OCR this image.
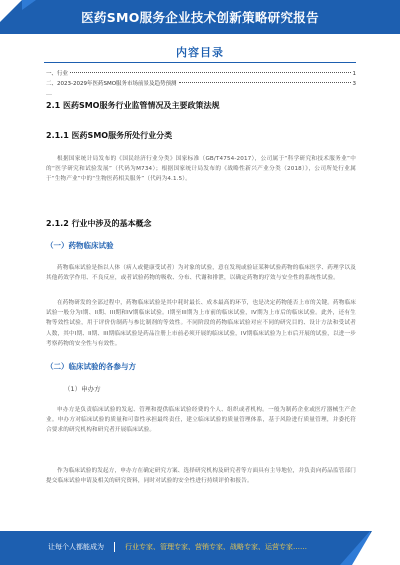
医药SMO服务企业技术创新策略研究报告
内容目录
一、行业	1
二、2023-2029年医药SMO服务市场前景及趋势预测	3
…
2.1 医药SMO服务行业监管情况及主要政策法规
2.1.1 医药SMO服务所处行业分类
根据国家统计局发布的《国民经济行业分类》国家标准（GB/T4754-2017），公司属于“科学研究和技术服务业”中的“医学研究和试验发展”（代码为M734）；根据国家统计局发布的《战略性新兴产业分类（2018）》，公司所处行业属于“生物产业”中的“生物医药相关服务”（代码为4.1.5）。
2.1.2 行业中涉及的基本概念
（一）药物临床试验
药物临床试验是指以人体（病人或健康受试者）为对象的试验，意在发现或验证某种试验药物的临床医学、药理学以及其他药效学作用、不良反应，或者试验药物的吸收、分布、代谢和排泄，以确定药物的疗效与安全性的系统性试验。
在药物研发的全部过程中，药物临床试验是其中耗时最长、成本最高的环节，也是决定药物能否上市的关键。药物临床试验一般分为I期、II期、III期和IV期临床试验。I期至III期为上市前的临床试验，IV期为上市后的临床试验。此外，还有生物等效性试验，用于评价仿制药与参比制剂的等效性。不同阶段的药物临床试验对应不同的研究目的、设计方法和受试者人数，其中I期、II期、III期临床试验是药品注册上市前必须开展的临床试验，IV期临床试验为上市后开展的试验，以进一步考察药物的安全性与有效性。
（二）临床试验的各参与方
（1）申办方
申办方是负责临床试验的发起、管理和提供临床试验经费的个人、组织或者机构。一般为制药企业或医疗器械生产企业。申办方对临床试验的质量和可靠性承担最终责任，建立临床试验的质量管理体系，基于风险进行质量管理，并委托符合要求的研究机构和研究者开展临床试验。
作为临床试验的发起方，申办方在确定研究方案、选择研究机构及研究者等方面具有主导地位，并负责向药品监管部门提交临床试验申请及相关的研究资料，同时对试验的安全性进行持续评价和报告。
让每个人都能成为	行业专家、管理专家、营销专家、战略专家、运营专家……
